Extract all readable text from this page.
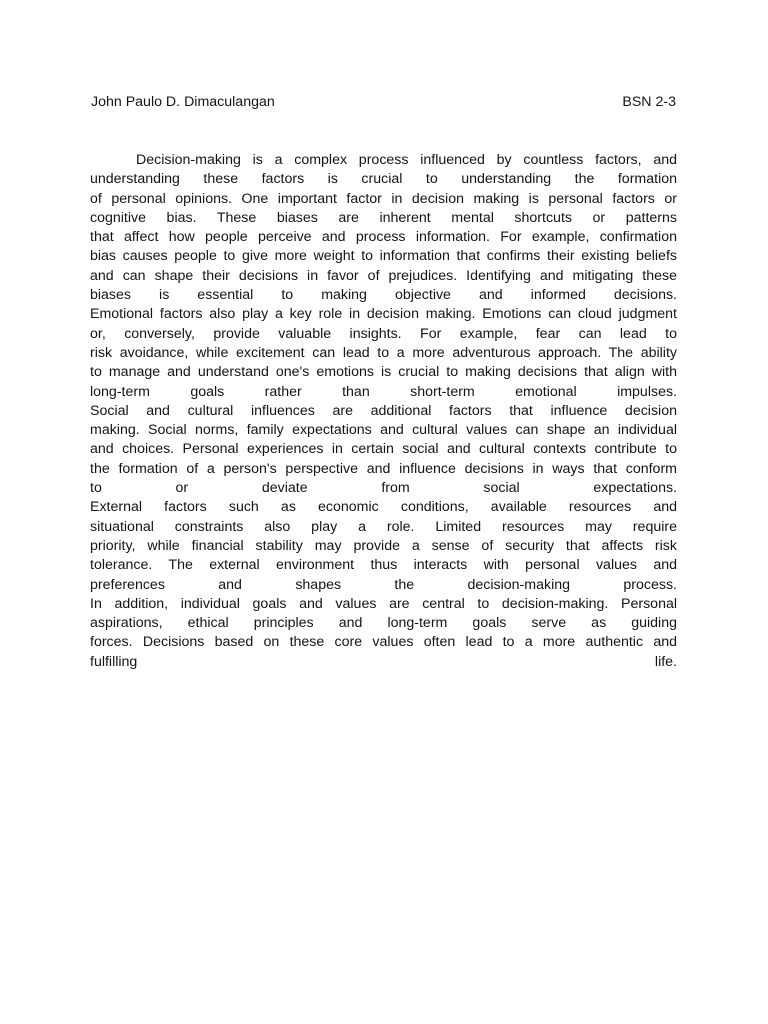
John Paulo D. Dimaculangan	BSN 2-3
Decision-making is a complex process influenced by countless factors, and
understanding these factors is crucial to understanding the formation
of personal opinions. One important factor in decision making is personal factors or
cognitive bias. These biases are inherent mental shortcuts or patterns
that affect how people perceive and process information. For example, confirmation
bias causes people to give more weight to information that confirms their existing beliefs
and can shape their decisions in favor of prejudices. Identifying and mitigating these
biases is essential to making objective and informed decisions.
Emotional factors also play a key role in decision making. Emotions can cloud judgment
or, conversely, provide valuable insights. For example, fear can lead to
risk avoidance, while excitement can lead to a more adventurous approach. The ability
to manage and understand one's emotions is crucial to making decisions that align with
long-term goals rather than short-term emotional impulses.
Social and cultural influences are additional factors that influence decision
making. Social norms, family expectations and cultural values can shape an individual
and choices. Personal experiences in certain social and cultural contexts contribute to
the formation of a person's perspective and influence decisions in ways that conform
to or deviate from social expectations.
External factors such as economic conditions, available resources and
situational constraints also play a role. Limited resources may require
priority, while financial stability may provide a sense of security that affects risk
tolerance. The external environment thus interacts with personal values and
preferences and shapes the decision-making process.
In addition, individual goals and values are central to decision-making. Personal
aspirations, ethical principles and long-term goals serve as guiding
forces. Decisions based on these core values often lead to a more authentic and
fulfilling life.
